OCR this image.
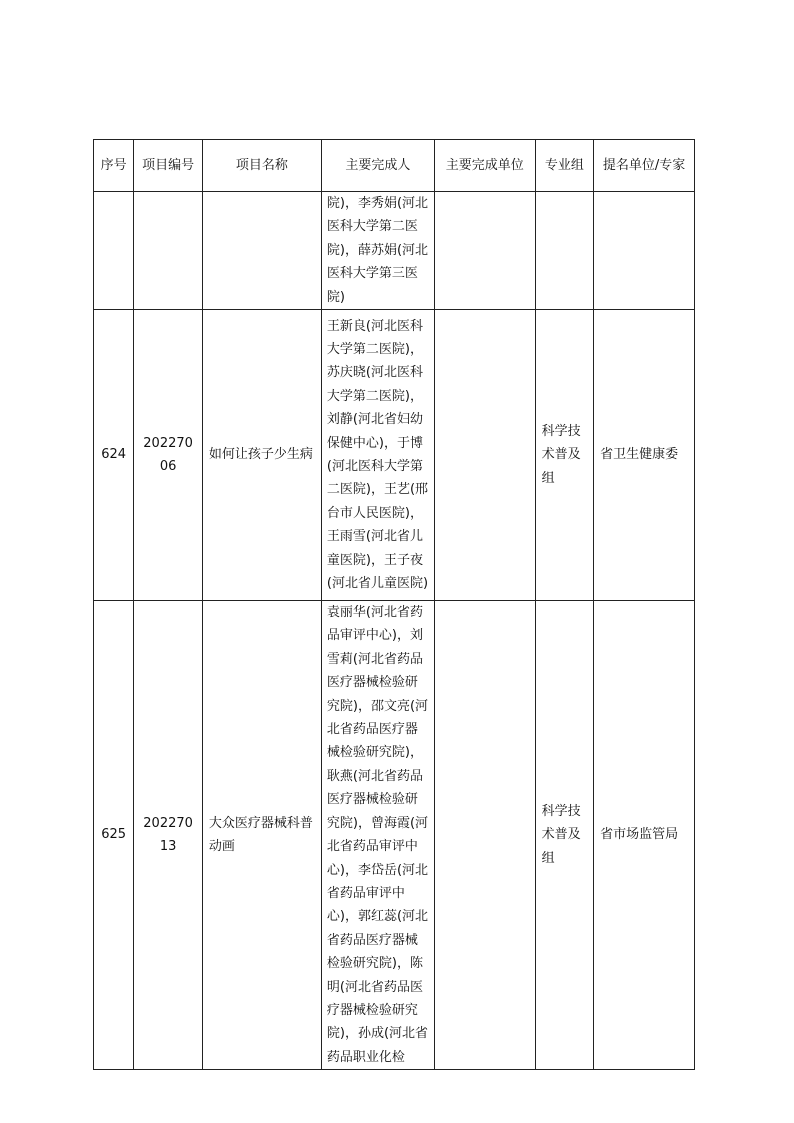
序号	项目编号	项目名称	主要完成人	主要完成单位	专业组	提名单位/专家
			院)，李秀娟(河北医科大学第二医院)，薛苏娟(河北医科大学第三医院)			
624	20227006	如何让孩子少生病	王新良(河北医科大学第二医院)，苏庆晓(河北医科大学第二医院)，刘静(河北省妇幼保健中心)，于博(河北医科大学第二医院)，王艺(邢台市人民医院)，王雨雪(河北省儿童医院)，王子夜(河北省儿童医院)		科学技术普及组	省卫生健康委
625	20227013	大众医疗器械科普动画	袁丽华(河北省药品审评中心)，刘雪莉(河北省药品医疗器械检验研究院)，邵文亮(河北省药品医疗器械检验研究院)，耿燕(河北省药品医疗器械检验研究院)，曾海霞(河北省药品审评中心)，李岱岳(河北省药品审评中心)，郭红蕊(河北省药品医疗器械检验研究院)，陈明(河北省药品医疗器械检验研究院)，孙成(河北省药品职业化检		科学技术普及组	省市场监管局
